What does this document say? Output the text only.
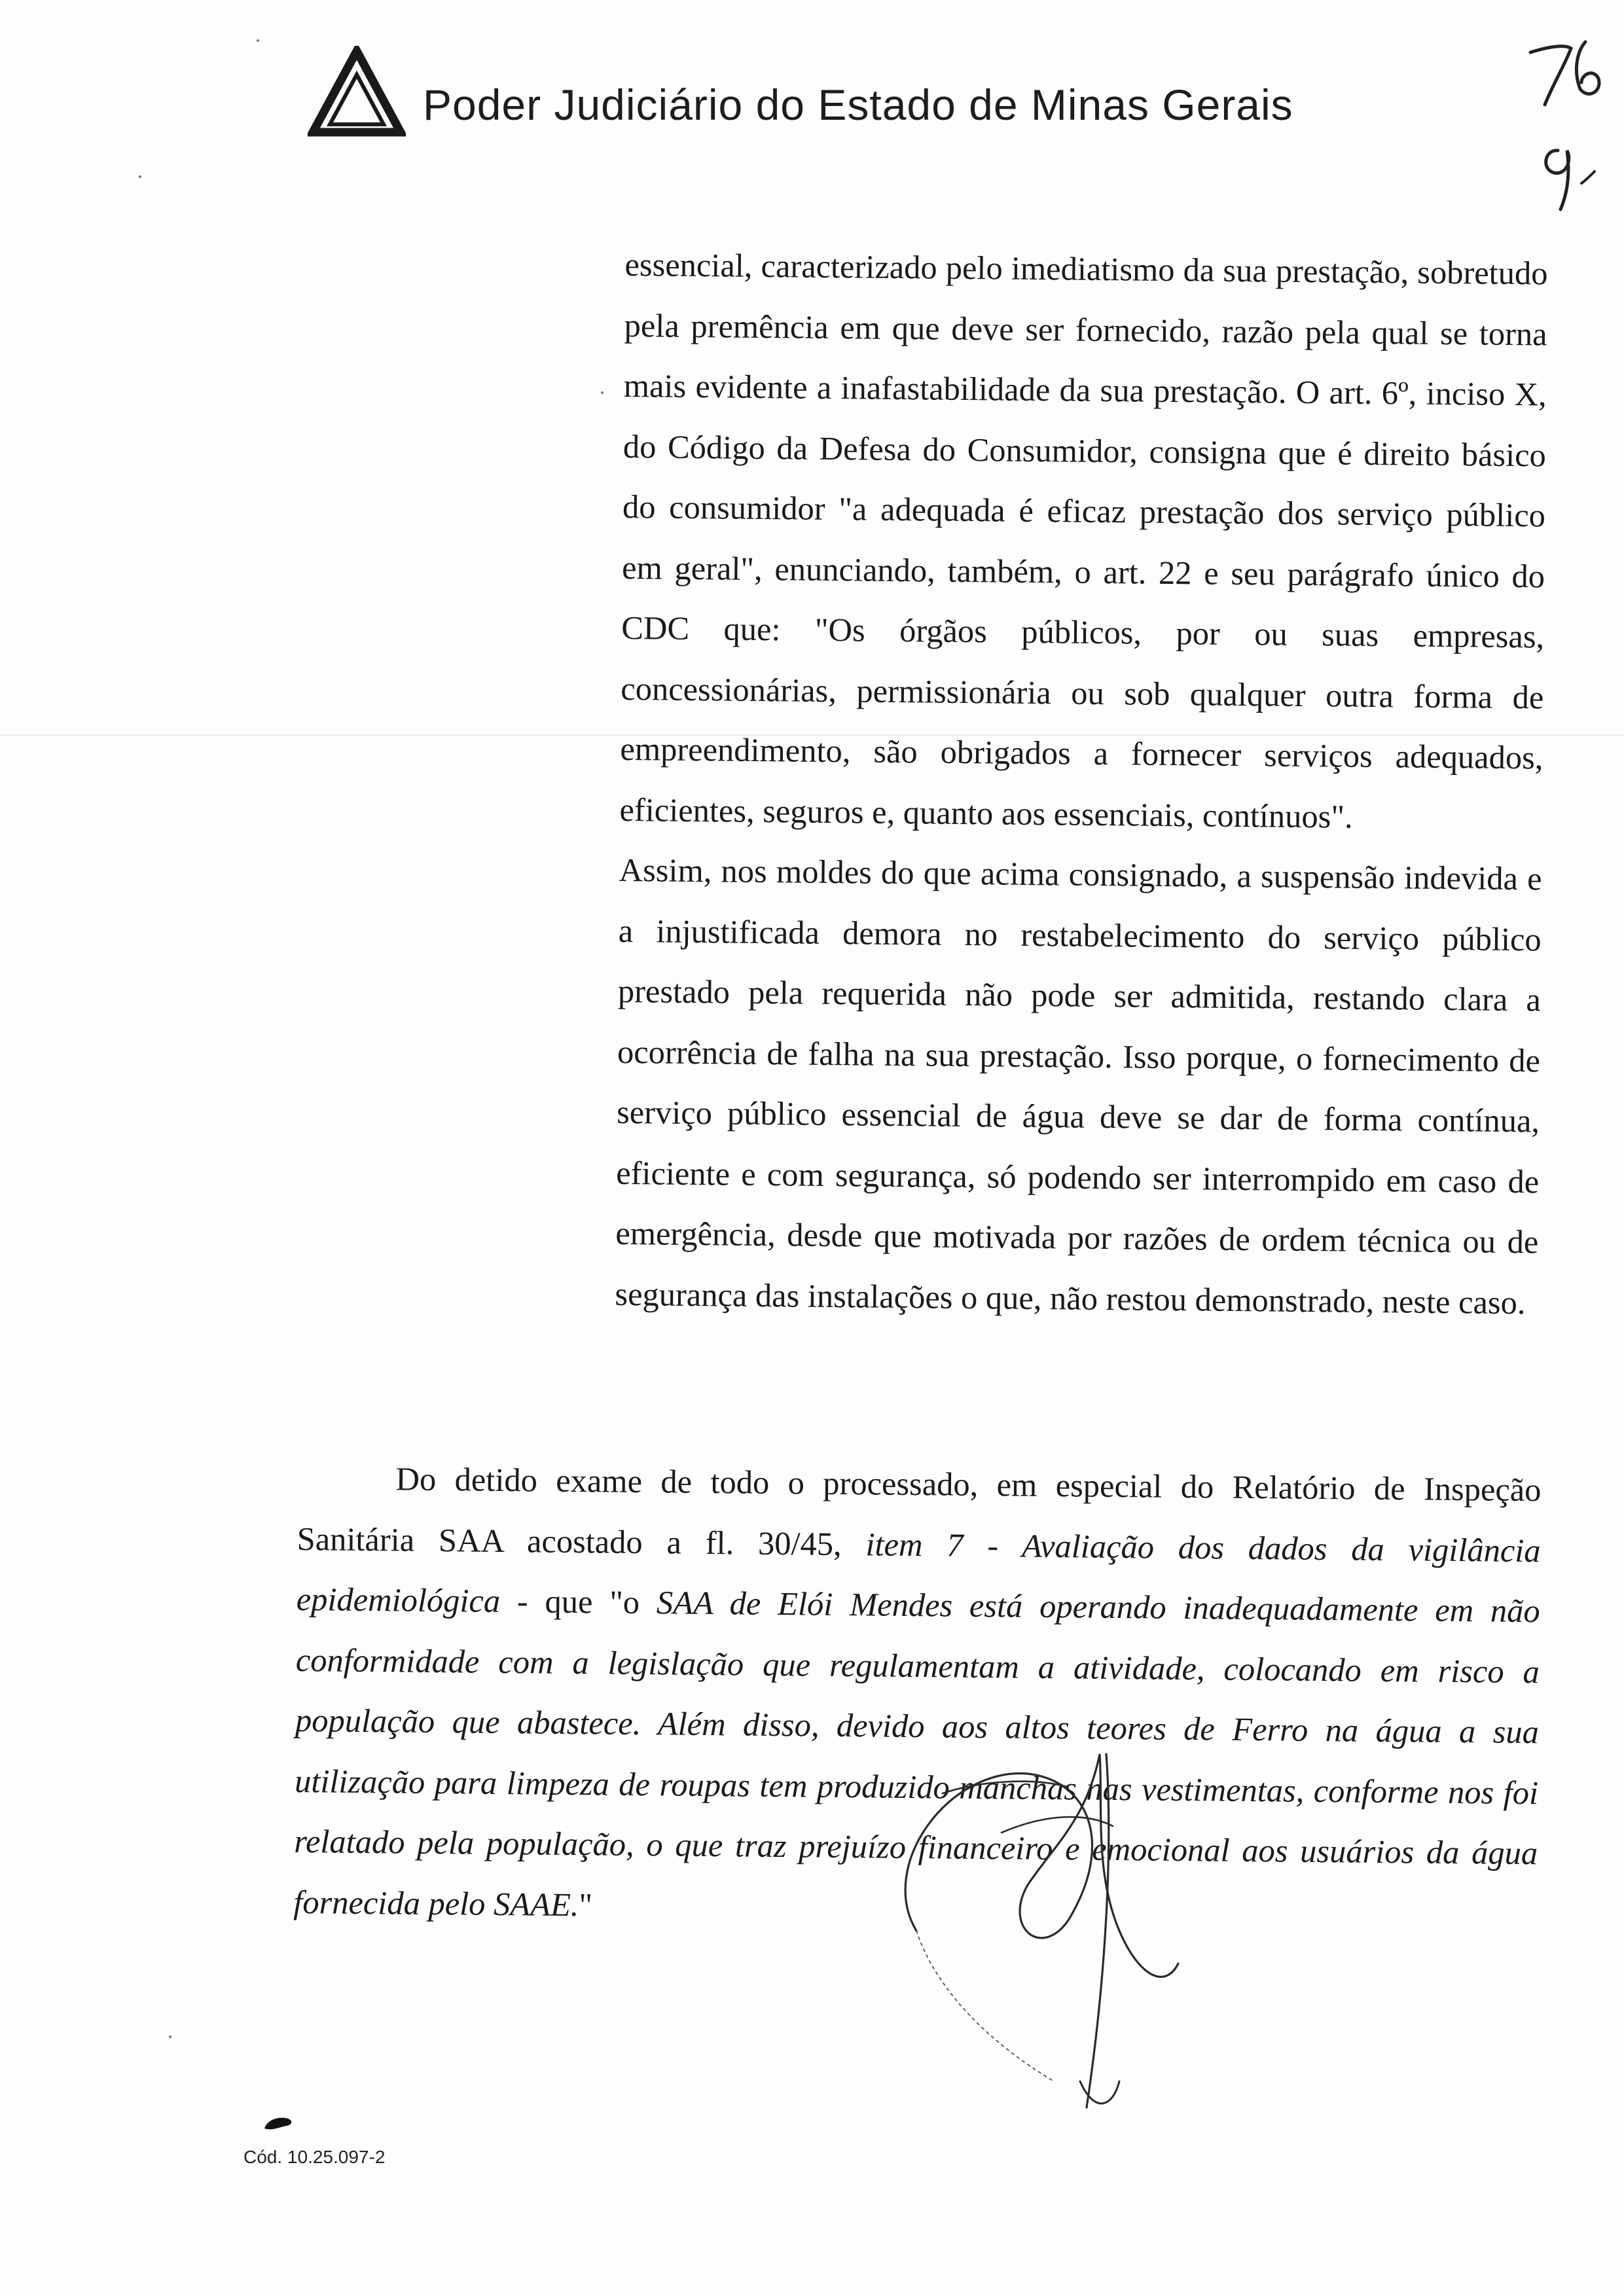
Poder Judiciário do Estado de Minas Gerais

essencial, caracterizado pelo imediatismo da sua prestação, sobretudo pela premência em que deve ser fornecido, razão pela qual se torna mais evidente a inafastabilidade da sua prestação. O art. 6º, inciso X, do Código da Defesa do Consumidor, consigna que é direito básico do consumidor "a adequada é eficaz prestação dos serviço público em geral", enunciando, também, o art. 22 e seu parágrafo único do CDC que: "Os órgãos públicos, por ou suas empresas, concessionárias, permissionária ou sob qualquer outra forma de empreendimento, são obrigados a fornecer serviços adequados, eficientes, seguros e, quanto aos essenciais, contínuos".

Assim, nos moldes do que acima consignado, a suspensão indevida e a injustificada demora no restabelecimento do serviço público prestado pela requerida não pode ser admitida, restando clara a ocorrência de falha na sua prestação. Isso porque, o fornecimento de serviço público essencial de água deve se dar de forma contínua, eficiente e com segurança, só podendo ser interrompido em caso de emergência, desde que motivada por razões de ordem técnica ou de segurança das instalações o que, não restou demonstrado, neste caso.

Do detido exame de todo o processado, em especial do Relatório de Inspeção Sanitária SAA acostado a fl. 30/45, item 7 - Avaliação dos dados da vigilância epidemiológica - que "o SAA de Elói Mendes está operando inadequadamente em não conformidade com a legislação que regulamentam a atividade, colocando em risco a população que abastece. Além disso, devido aos altos teores de Ferro na água a sua utilização para limpeza de roupas tem produzido manchas nas vestimentas, conforme nos foi relatado pela população, o que traz prejuízo financeiro e emocional aos usuários da água fornecida pelo SAAE."

Cód. 10.25.097-2
